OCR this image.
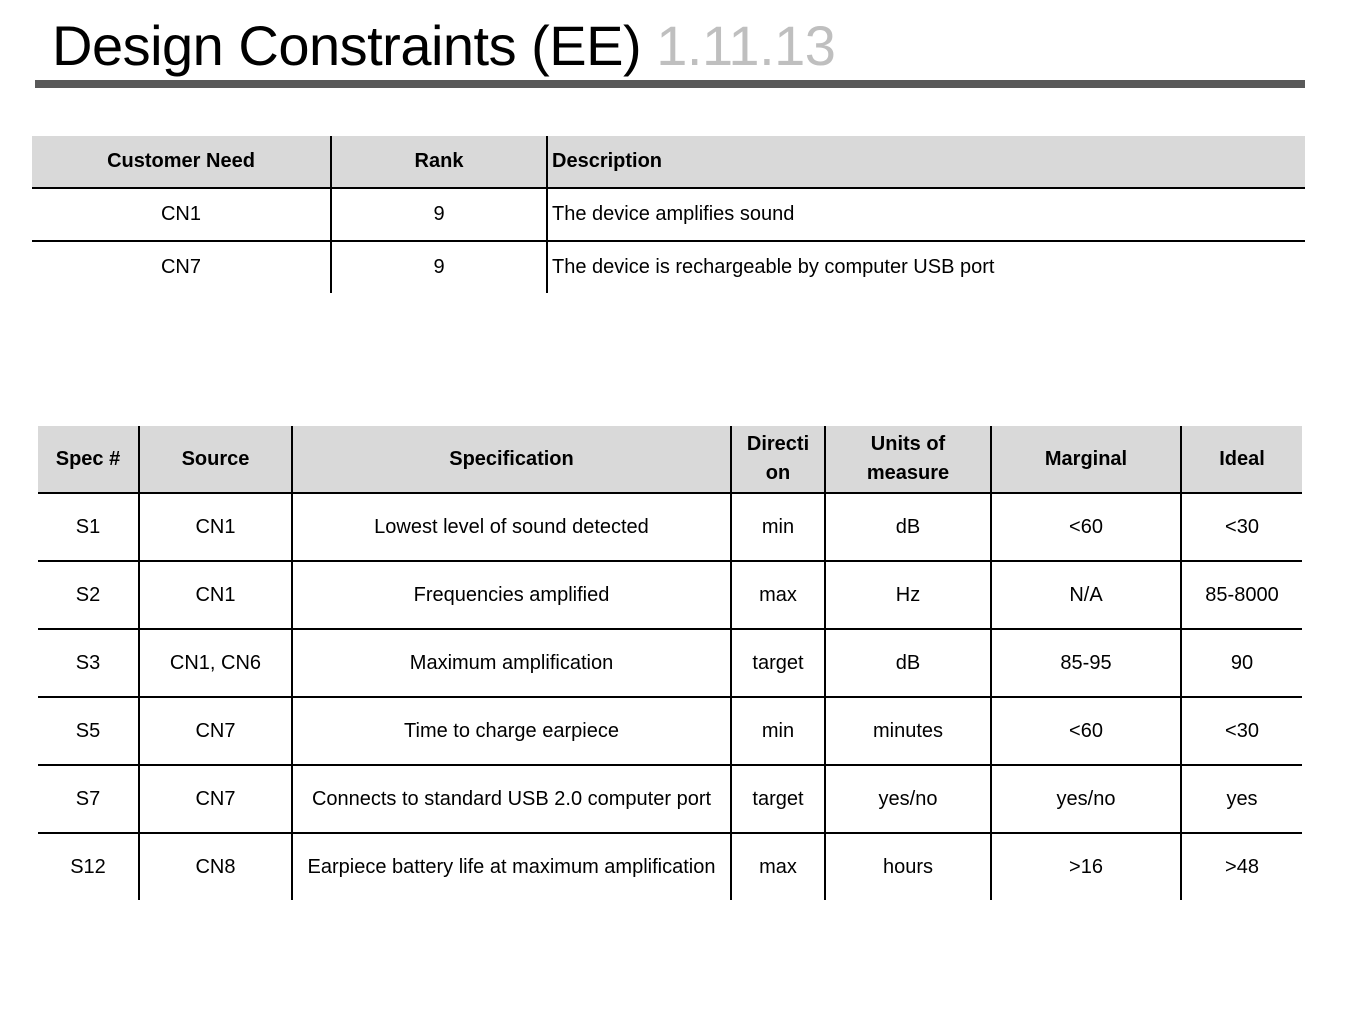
Design Constraints (EE) 1.11.13
Customer Need	Rank	Description
CN1	9	The device amplifies sound
CN7	9	The device is rechargeable by computer USB port
Spec #	Source	Specification	Directi on	Units of measure	Marginal	Ideal
S1	CN1	Lowest level of sound detected	min	dB	<60	<30
S2	CN1	Frequencies amplified	max	Hz	N/A	85-8000
S3	CN1, CN6	Maximum amplification	target	dB	85-95	90
S5	CN7	Time to charge earpiece	min	minutes	<60	<30
S7	CN7	Connects to standard USB 2.0 computer port	target	yes/no	yes/no	yes
S12	CN8	Earpiece battery life at maximum amplification	max	hours	>16	>48
